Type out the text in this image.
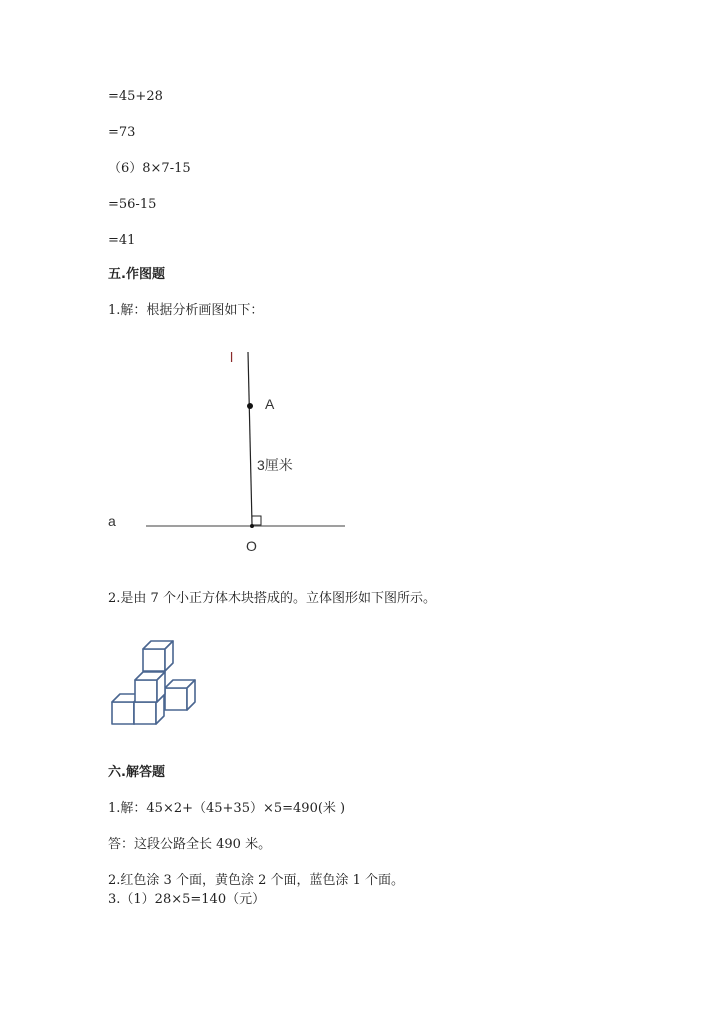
=45+28
=73
（6）8×7-15
=56-15
=41
五.作图题
1.解：根据分析画图如下：
l
A
3厘米
a
O
2.是由 7 个小正方体木块搭成的。立体图形如下图所示。
六.解答题
1.解：45×2+（45+35）×5=490(米 )
答：这段公路全长 490 米。
2.红色涂 3 个面，黄色涂 2 个面，蓝色涂 1 个面。
3.（1）28×5=140（元）
